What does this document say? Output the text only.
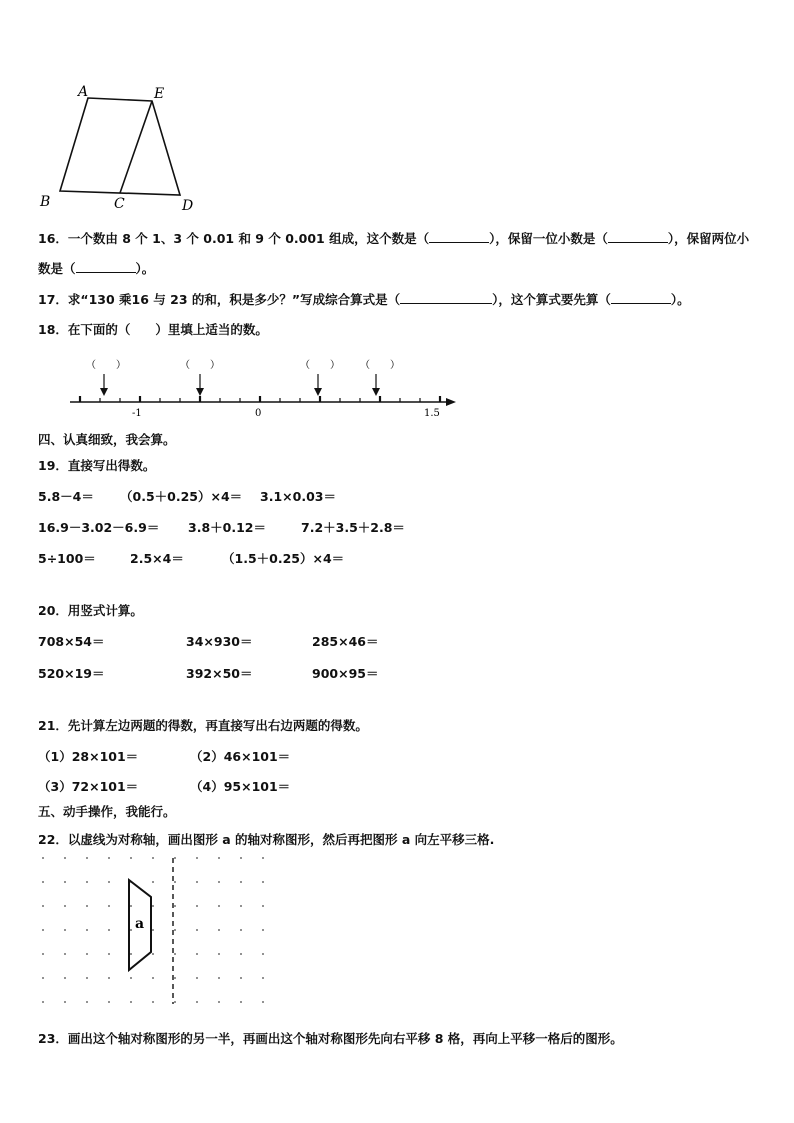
A	E
B	C	D
16．一个数由 8 个 1、3 个 0.01 和 9 个 0.001 组成，这个数是（	），保留一位小数是（	），保留两位小
数是（	）。
17．求“130 乘16 与 23 的和，积是多少？”写成综合算式是（	），这个算式要先算（	）。
18．在下面的（　　）里填上适当的数。
（　　）	（　　）	（　　） （　　）
-1	0	1.5
四、认真细致，我会算。
19．直接写出得数。
5.8－4＝ （0.5＋0.25）×4＝ 3.1×0.03＝
16.9－3.02－6.9＝ 3.8＋0.12＝	7.2＋3.5＋2.8＝
5÷100＝	2.5×4＝	（1.5＋0.25）×4＝
20．用竖式计算。
708×54＝	34×930＝	285×46＝
520×19＝	392×50＝	900×95＝
21．先计算左边两题的得数，再直接写出右边两题的得数。
（1）28×101＝	（2）46×101＝
（3）72×101＝	（4）95×101＝
五、动手操作，我能行。
22．以虚线为对称轴，画出图形 a 的轴对称图形，然后再把图形 a 向左平移三格.
a
23．画出这个轴对称图形的另一半，再画出这个轴对称图形先向右平移 8 格，再向上平移一格后的图形。
